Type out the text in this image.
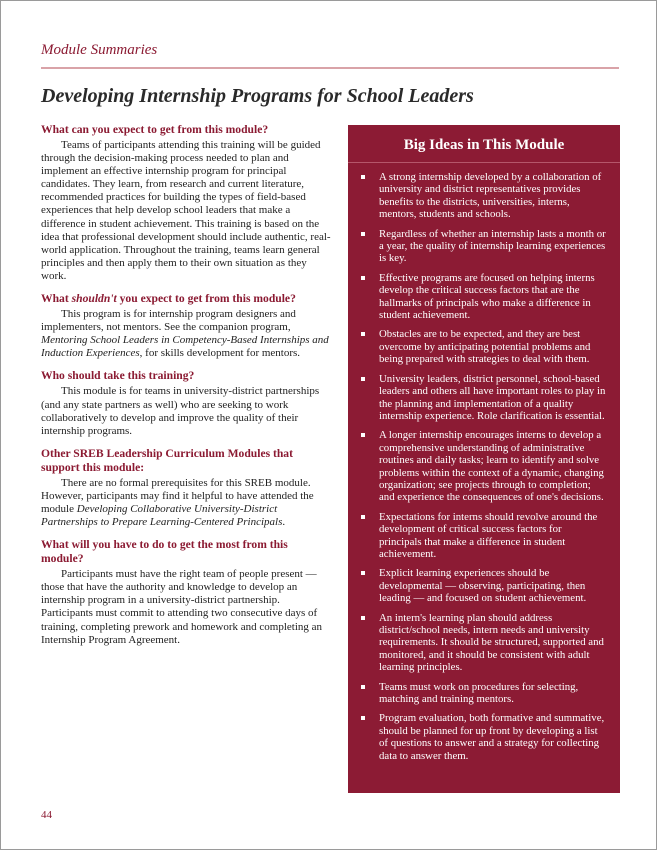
Module Summaries
Developing Internship Programs for School Leaders
What can you expect to get from this module?

Teams of participants attending this training will be guided through the decision-making process needed to plan and implement an effective internship program for principal candidates. They learn, from research and current literature, recommended practices for building the types of field-based experiences that help develop school leaders that make a difference in student achievement. This training is based on the idea that professional development should include authentic, real-world application. Throughout the training, teams learn general principles and then apply them to their own situation as they work.

What shouldn't you expect to get from this module?

This program is for internship program designers and implementers, not mentors. See the companion program, Mentoring School Leaders in Competency-Based Internships and Induction Experiences, for skills development for mentors.

Who should take this training?

This module is for teams in university-district partnerships (and any state partners as well) who are seeking to work collaboratively to develop and improve the quality of their internship programs.

Other SREB Leadership Curriculum Modules that support this module:

There are no formal prerequisites for this SREB module. However, participants may find it helpful to have attended the module Developing Collaborative University-District Partnerships to Prepare Learning-Centered Principals.

What will you have to do to get the most from this module?

Participants must have the right team of people present — those that have the authority and knowledge to develop an internship program in a university-district partnership. Participants must commit to attending two consecutive days of training, completing prework and homework and completing an Internship Program Agreement.

Big Ideas in This Module
A strong internship developed by a collaboration of university and district representatives provides benefits to the districts, universities, interns, mentors, students and schools.
Regardless of whether an internship lasts a month or a year, the quality of internship learning experiences is key.
Effective programs are focused on helping interns develop the critical success factors that are the hallmarks of principals who make a difference in student achievement.
Obstacles are to be expected, and they are best overcome by anticipating potential problems and being prepared with strategies to deal with them.
University leaders, district personnel, school-based leaders and others all have important roles to play in the planning and implementation of a quality internship experience. Role clarification is essential.
A longer internship encourages interns to develop a comprehensive understanding of administrative routines and daily tasks; learn to identify and solve problems within the context of a dynamic, changing organization; see projects through to completion; and experience the consequences of one's decisions.
Expectations for interns should revolve around the development of critical success factors for principals that make a difference in student achievement.
Explicit learning experiences should be developmental — observing, participating, then leading — and focused on student achievement.
An intern's learning plan should address district/school needs, intern needs and university requirements. It should be structured, supported and monitored, and it should be consistent with adult learning principles.
Teams must work on procedures for selecting, matching and training mentors.
Program evaluation, both formative and summative, should be planned for up front by developing a list of questions to answer and a strategy for collecting data to answer them.
44
